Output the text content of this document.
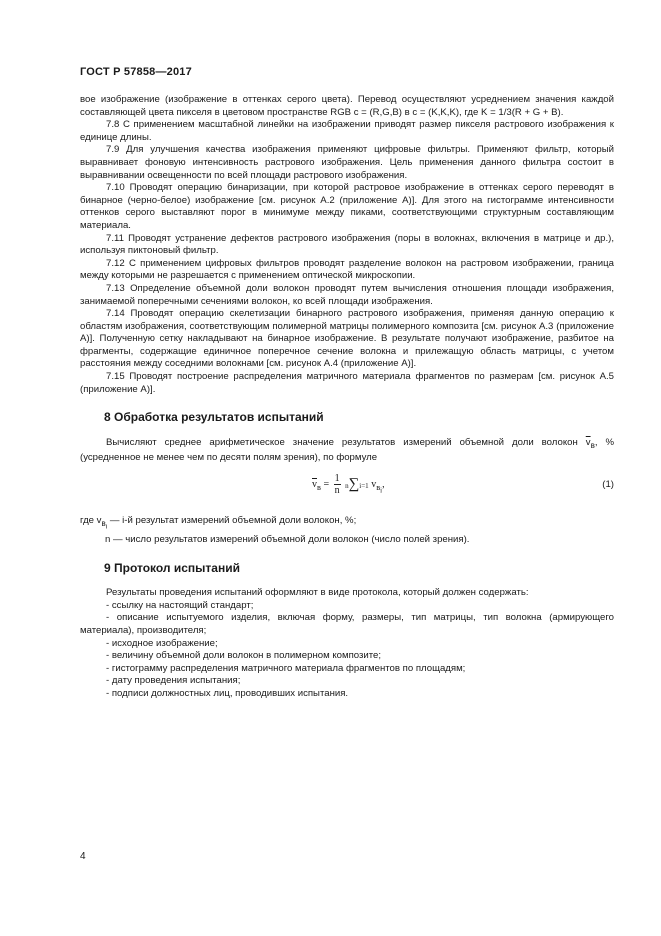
ГОСТ Р 57858—2017

вое изображение (изображение в оттенках серого цвета). Перевод осуществляют усреднением значения каждой составляющей цвета пикселя в цветовом пространстве RGB c = (R,G,B) в c = (K,K,K), где K = 1/3(R + G + B).

7.8 С применением масштабной линейки на изображении приводят размер пикселя растрового изображения к единице длины.

7.9 Для улучшения качества изображения применяют цифровые фильтры. Применяют фильтр, который выравнивает фоновую интенсивность растрового изображения. Цель применения данного фильтра состоит в выравнивании освещенности по всей площади растрового изображения.

7.10 Проводят операцию бинаризации, при которой растровое изображение в оттенках серого переводят в бинарное (черно-белое) изображение [см. рисунок А.2 (приложение А)]. Для этого на гистограмме интенсивности оттенков серого выставляют порог в минимуме между пиками, соответствующими структурным составляющим материала.

7.11 Проводят устранение дефектов растрового изображения (поры в волокнах, включения в матрице и др.), используя пиктоновый фильтр.

7.12 С применением цифровых фильтров проводят разделение волокон на растровом изображении, граница между которыми не разрешается с применением оптической микроскопии.

7.13 Определение объемной доли волокон проводят путем вычисления отношения площади изображения, занимаемой поперечными сечениями волокон, ко всей площади изображения.

7.14 Проводят операцию скелетизации бинарного растрового изображения, применяя данную операцию к областям изображения, соответствующим полимерной матрицы полимерного композита [см. рисунок А.3 (приложение А)]. Полученную сетку накладывают на бинарное изображение. В результате получают изображение, разбитое на фрагменты, содержащие единичное поперечное сечение волокна и прилежащую область матрицы, с учетом расстояния между соседними волокнами [см. рисунок А.4 (приложение А)].

7.15 Проводят построение распределения матричного материала фрагментов по размерам [см. рисунок А.5 (приложение А)].

8 Обработка результатов испытаний

Вычисляют среднее арифметическое значение результатов измерений объемной доли волокон $\overline{v}_в$, % (усредненное не менее чем по десяти полям зрения), по формуле

$\overline{v}_в = \frac{1}{n} n\sum i=1$ $v_{в_i}$,	(1)

где $v_{в_i}$ — i-й результат измерений объемной доли волокон, %;

n — число результатов измерений объемной доли волокон (число полей зрения).

9 Протокол испытаний

Результаты проведения испытаний оформляют в виде протокола, который должен содержать:

- ссылку на настоящий стандарт;

- описание испытуемого изделия, включая форму, размеры, тип матрицы, тип волокна (армирующего материала), производителя;

- исходное изображение;

- величину объемной доли волокон в полимерном композите;

- гистограмму распределения матричного материала фрагментов по площадям;

- дату проведения испытания;

- подписи должностных лиц, проводивших испытания.

4
